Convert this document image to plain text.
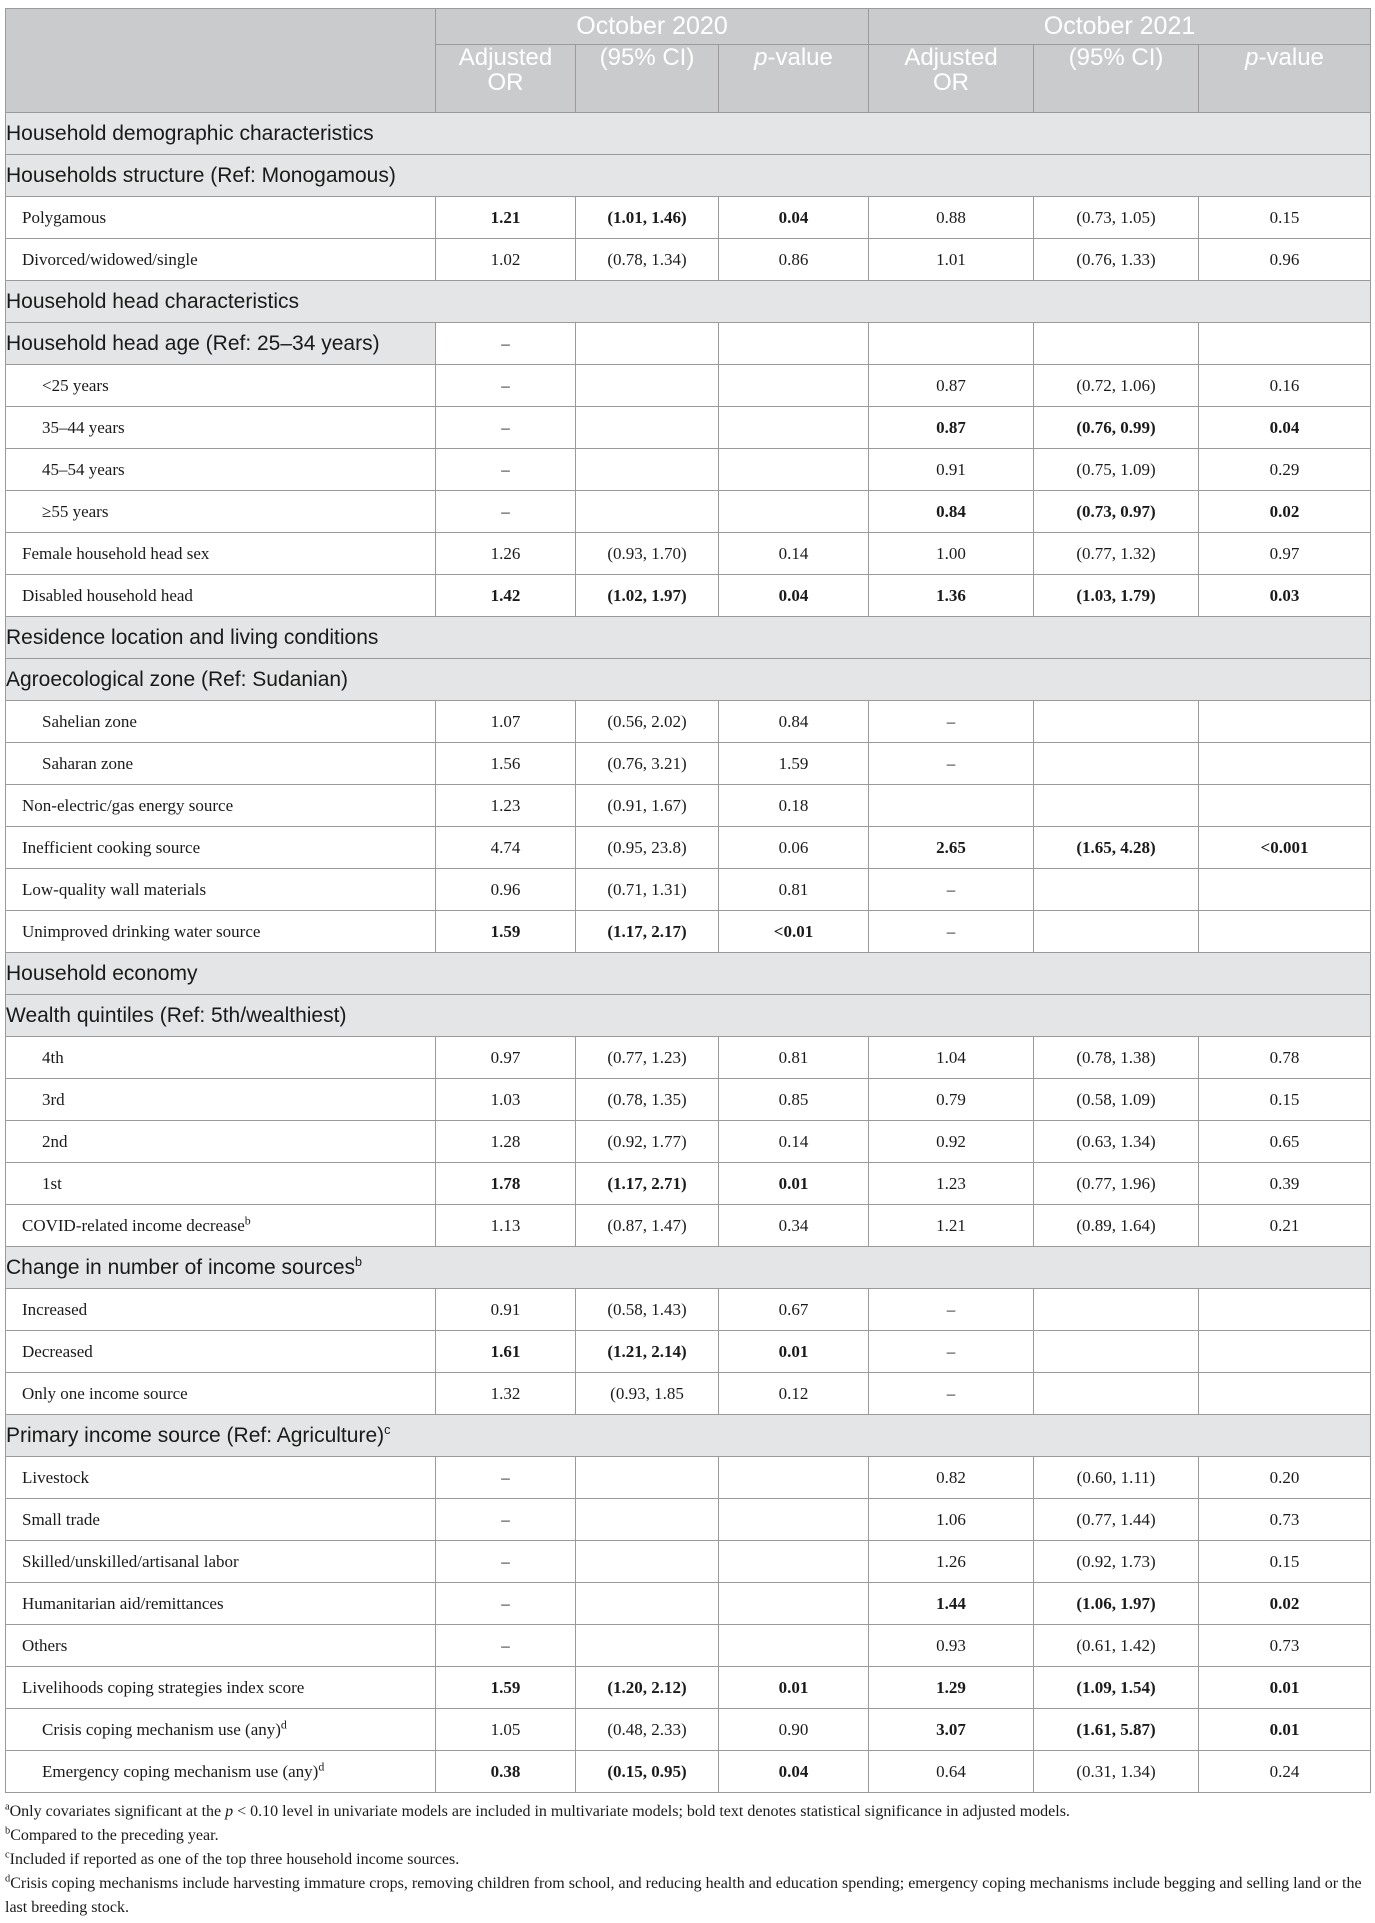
	October 2020			October 2021		
	Adjusted OR	(95% CI)	p-value	Adjusted OR	(95% CI)	p-value
Household demographic characteristics						
Households structure (Ref: Monogamous)						
Polygamous	1.21	(1.01, 1.46)	0.04	0.88	(0.73, 1.05)	0.15
Divorced/widowed/single	1.02	(0.78, 1.34)	0.86	1.01	(0.76, 1.33)	0.96
Household head characteristics						
Household head age (Ref: 25–34 years)	–					
<25 years	–			0.87	(0.72, 1.06)	0.16
35–44 years	–			0.87	(0.76, 0.99)	0.04
45–54 years	–			0.91	(0.75, 1.09)	0.29
≥55 years	–			0.84	(0.73, 0.97)	0.02
Female household head sex	1.26	(0.93, 1.70)	0.14	1.00	(0.77, 1.32)	0.97
Disabled household head	1.42	(1.02, 1.97)	0.04	1.36	(1.03, 1.79)	0.03
Residence location and living conditions						
Agroecological zone (Ref: Sudanian)						
Sahelian zone	1.07	(0.56, 2.02)	0.84	–		
Saharan zone	1.56	(0.76, 3.21)	1.59	–		
Non-electric/gas energy source	1.23	(0.91, 1.67)	0.18			
Inefficient cooking source	4.74	(0.95, 23.8)	0.06	2.65	(1.65, 4.28)	<0.001
Low-quality wall materials	0.96	(0.71, 1.31)	0.81	–		
Unimproved drinking water source	1.59	(1.17, 2.17)	<0.01	–		
Household economy						
Wealth quintiles (Ref: 5th/wealthiest)						
4th	0.97	(0.77, 1.23)	0.81	1.04	(0.78, 1.38)	0.78
3rd	1.03	(0.78, 1.35)	0.85	0.79	(0.58, 1.09)	0.15
2nd	1.28	(0.92, 1.77)	0.14	0.92	(0.63, 1.34)	0.65
1st	1.78	(1.17, 2.71)	0.01	1.23	(0.77, 1.96)	0.39
COVID-related income decrease$^b$	1.13	(0.87, 1.47)	0.34	1.21	(0.89, 1.64)	0.21
Change in number of income sources$^b$
Increased	0.91	(0.58, 1.43)	0.67	–		
Decreased	1.61	(1.21, 2.14)	0.01	–		
Only one income source	1.32	(0.93, 1.85	0.12	–		
Primary income source (Ref: Agriculture)$^c$
Livestock	–			0.82	(0.60, 1.11)	0.20
Small trade	–			1.06	(0.77, 1.44)	0.73
Skilled/unskilled/artisanal labor	–			1.26	(0.92, 1.73)	0.15
Humanitarian aid/remittances	–			1.44	(1.06, 1.97)	0.02
Others	–			0.93	(0.61, 1.42)	0.73
Livelihoods coping strategies index score	1.59	(1.20, 2.12)	0.01	1.29	(1.09, 1.54)	0.01
Crisis coping mechanism use (any)$^d$	1.05	(0.48, 2.33)	0.90	3.07	(1.61, 5.87)	0.01
Emergency coping mechanism use (any)$^d$	0.38	(0.15, 0.95)	0.04	0.64	(0.31, 1.34)	0.24
$^a$Only covariates significant at the p < 0.10 level in univariate models are included in multivariate models; bold text denotes statistical significance in adjusted models.
$^b$Compared to the preceding year.
$^c$Included if reported as one of the top three household income sources.
$^d$Crisis coping mechanisms include harvesting immature crops, removing children from school, and reducing health and education spending; emergency coping mechanisms include begging and selling land or the last breeding stock.
